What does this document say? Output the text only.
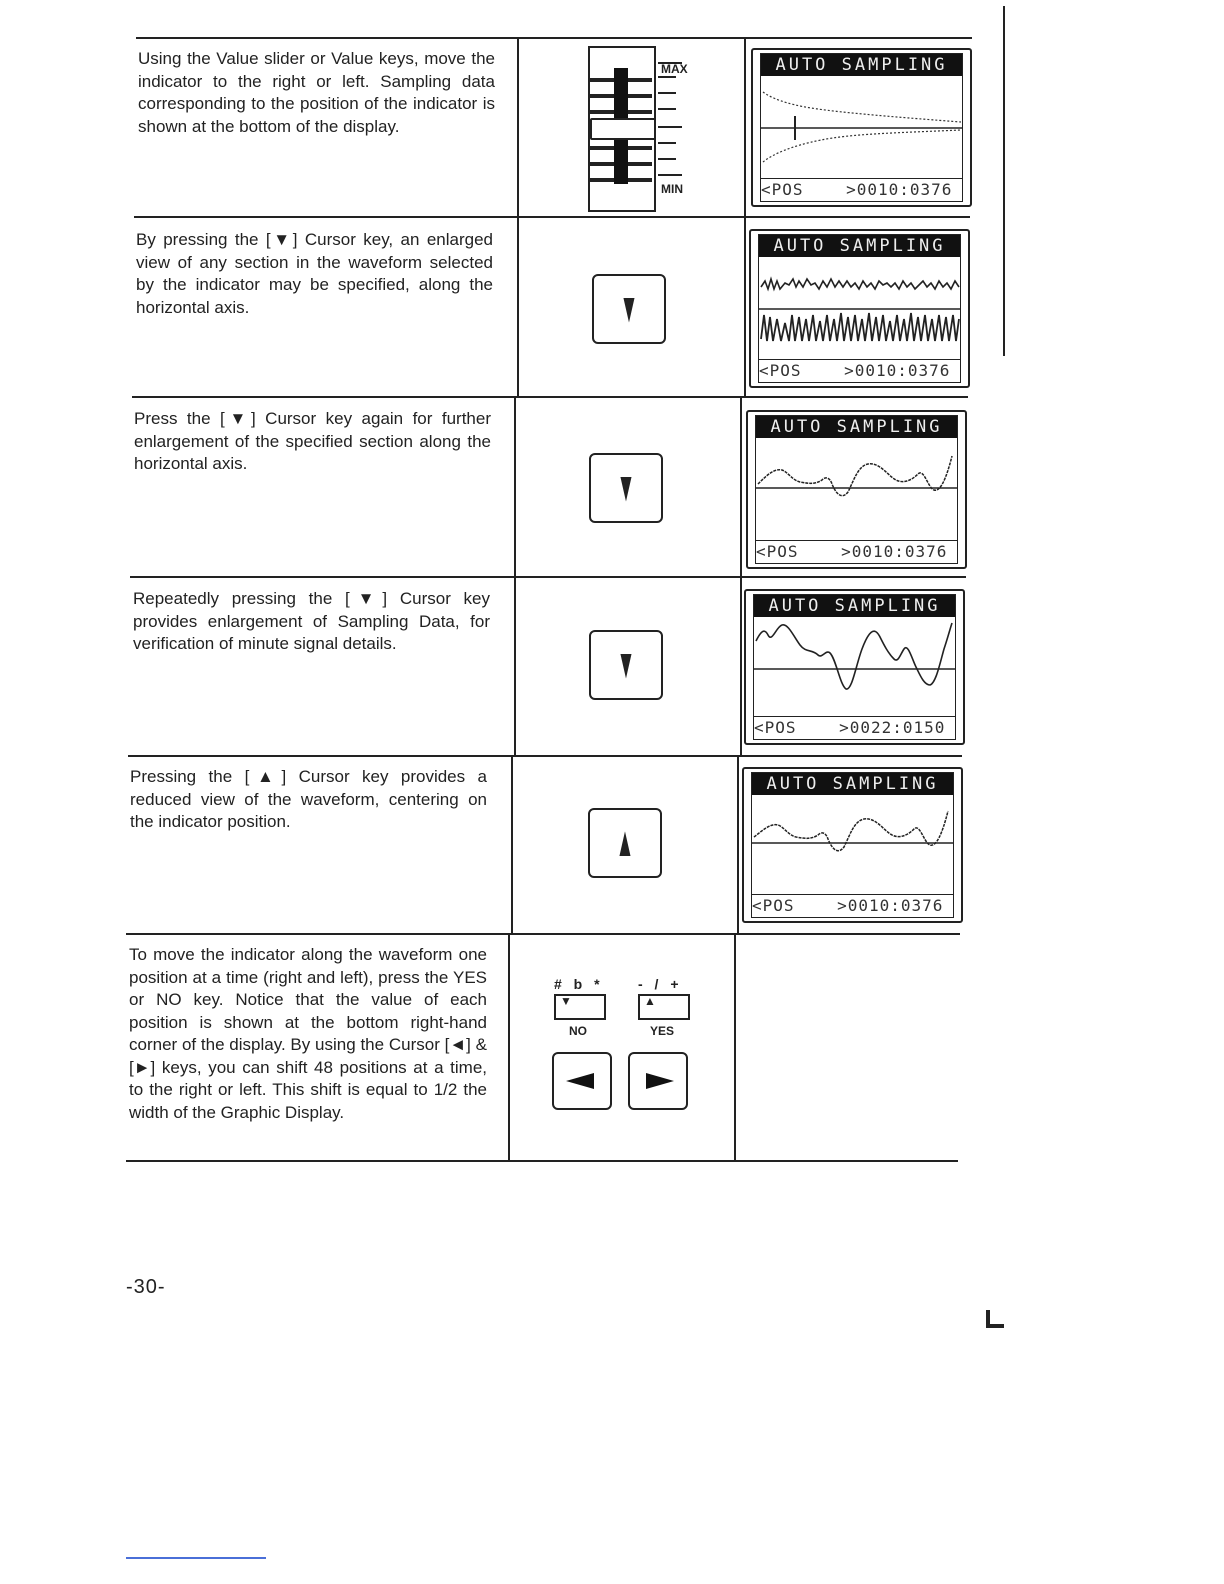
Using the Value slider or Value keys, move the indicator to the right or left. Sampling data corresponding to the position of the indicator is shown at the bottom of the display.
MAX
MIN
AUTO SAMPLING
<POS    >0010:0376
By pressing the [▼] Cursor key, an enlarged view of any section in the waveform selected by the indicator may be specified, along the horizontal axis.	▼
AUTO SAMPLING
<POS    >0010:0376
Press the [▼] Cursor key again for further enlargement of the specified section along the horizontal axis.	▼
AUTO SAMPLING
<POS    >0010:0376
Repeatedly pressing the [▼] Cursor key provides enlargement of Sampling Data, for verification of minute signal details.	▼
AUTO SAMPLING
<POS    >0022:0150
Pressing the [▲] Cursor key provides a reduced view of the waveform, centering on the indicator position.	▲
AUTO SAMPLING
<POS    >0010:0376
To move the indicator along the waveform one position at a time (right and left), press the YES or NO key. Notice that the value of each position is shown at the bottom right-hand corner of the display. By using the Cursor [◄] & [►] keys, you can shift 48 positions at a time, to the right or left. This shift is equal to 1/2 the width of the Graphic Display.
# b * - / +
▼	▲
NO	YES
-30-
